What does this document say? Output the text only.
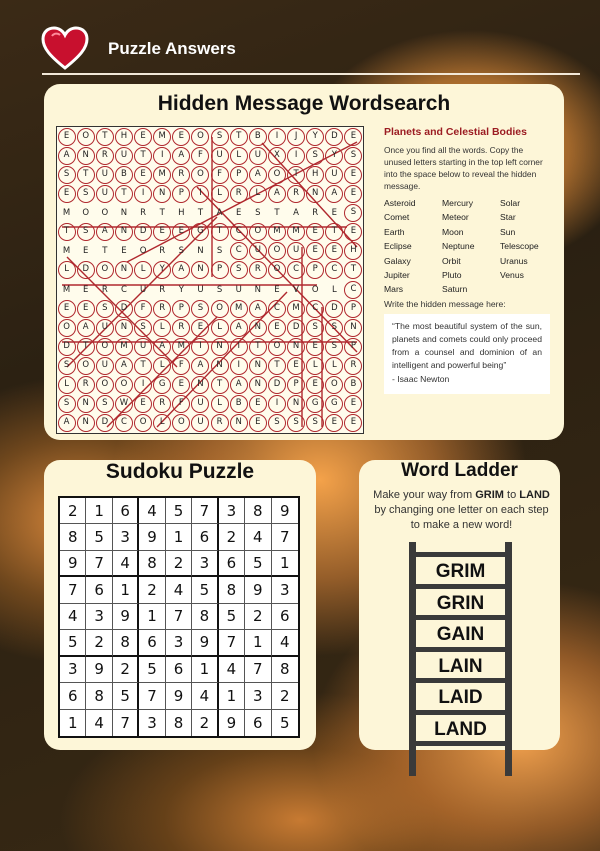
Puzzle Answers
Hidden Message Wordsearch
E	O	T	H	E	M	E	O	S	T	B	I	J	Y	D	E
A	N	R	U	T	I	A	F	U	L	U	X	I	S	Y	S
S	T	U	B	E	M	R	O	F	P	A	O	T	H	U	E
E	S	U	T	I	N	P	I	L	R	L	A	R	N	A	E
M	O	O	N	R	T	H	T	A	E	S	T	A	R	E	S
T	S	A	N	D	E	E	G	T	C	O	M	M	E	T	E
M	E	T	E	O	R	S	N	S	C	U	O	U	E	E	H
L	D	O	N	L	Y	A	N	P	S	R	O	C	P	C	T
M	E	R	C	U	R	Y	U	S	U	N	E	V	O	L	C
E	E	S	D	F	R	P	S	O	M	A	C	M	C	D	P
O	A	U	N	S	L	R	E	L	A	N	E	D	S	S	N
D	T	O	M	U	A	M	I	N	I	T	O	N	E	S	P
S	O	U	A	T	L	F	A	N	I	N	T	E	L	L	R
L	R	O	O	I	G	E	N	T	A	N	D	P	E	O	B
S	N	S	W	E	R	F	U	L	B	E	I	N	G	G	E
A	N	D	C	O	L	O	U	R	N	E	S	S	S	E	E
Planets and Celestial Bodies
Once you find all the words. Copy the unused letters starting in the top left corner into the space below to reveal the hidden message.
Asteroid	Mercury	Solar
Comet	Meteor	Star
Earth	Moon	Sun
Eclipse	Neptune	Telescope
Galaxy	Orbit	Uranus
Jupiter	Pluto	Venus
Mars	Saturn
Write the hidden message here:
“The most beautiful system of the sun, planets and comets could only proceed from a counsel and dominion of an intelligent and powerful being”
- Isaac Newton
Sudoku Puzzle
2	1	6	4	5	7	3	8	9
8	5	3	9	1	6	2	4	7
9	7	4	8	2	3	6	5	1
7	6	1	2	4	5	8	9	3
4	3	9	1	7	8	5	2	6
5	2	8	6	3	9	7	1	4
3	9	2	5	6	1	4	7	8
6	8	5	7	9	4	1	3	2
1	4	7	3	8	2	9	6	5
Word Ladder
Make your way from GRIM to LAND by changing one letter on each step to make a new word!
GRIM
GRIN
GAIN
LAIN
LAID
LAND
